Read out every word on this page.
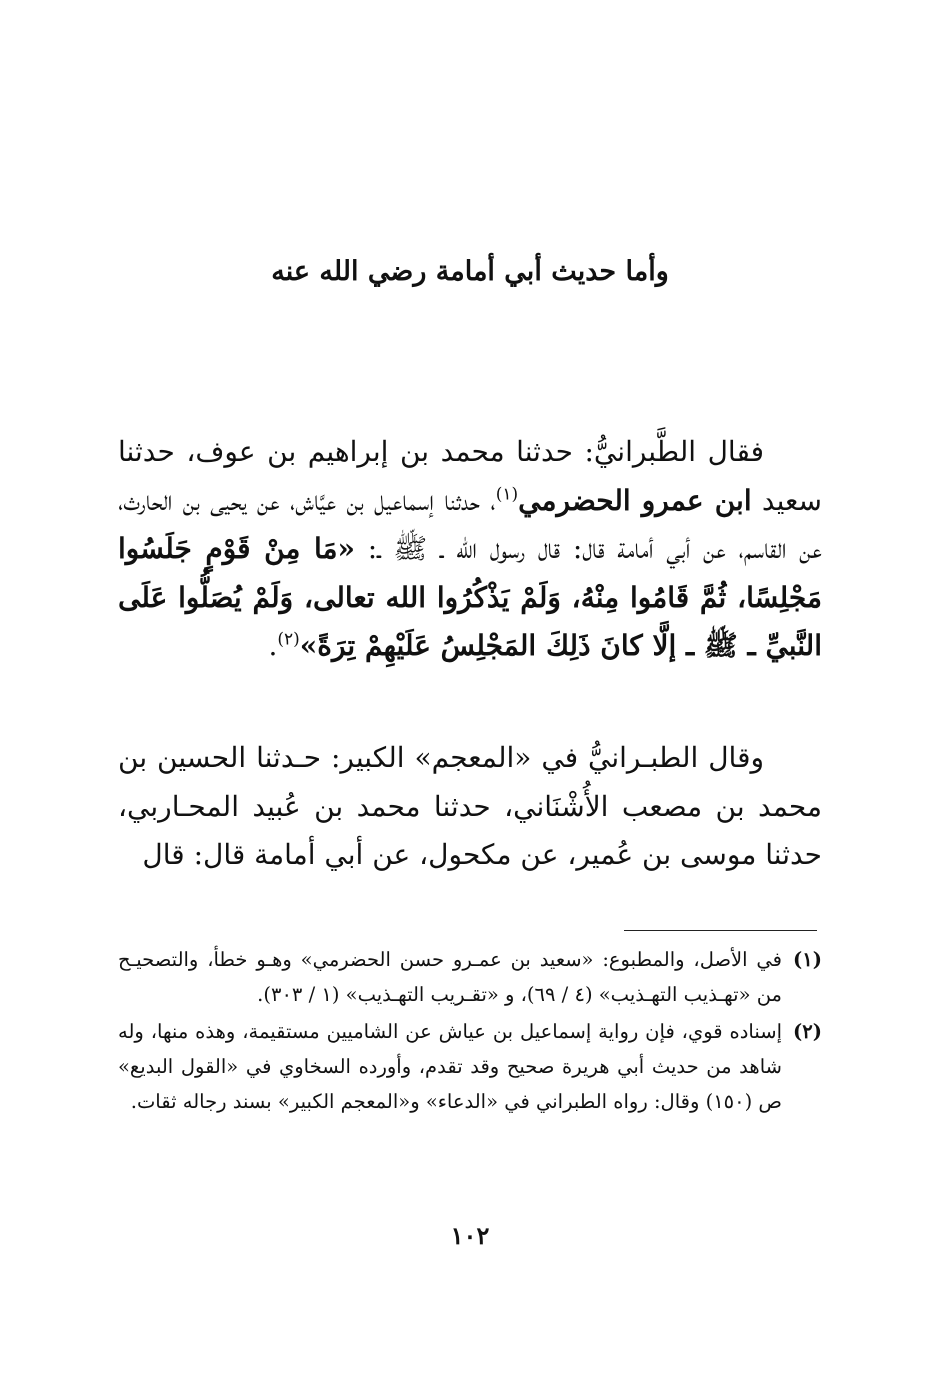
وأما حديث أبي أمامة رضي الله عنه
فقال الطَّبرانيُّ: حدثنا محمد بن إبراهيم بن عوف، حدثنا سعيد ابن عمرو الحضرمي$^{(١)}$، حدثنا إسماعيل بن عيَّاش، عن يحيى بن الحارث، عن القاسم، عن أبي أمامة قال: قال رسول الله ـ ﷺ ـ: «مَا مِنْ قَوْمٍ جَلَسُوا مَجْلِسًا، ثُمَّ قَامُوا مِنْهُ، وَلَمْ يَذْكُرُوا الله تعالى، وَلَمْ يُصَلُّوا عَلَى النَّبيِّ ـ ﷺ ـ إلَّا كانَ ذَلِكَ المَجْلِسُ عَلَيْهِمْ تِرَةً»$^{(٢)}$.
وقال الطبـرانيُّ في «المعجم» الكبير: حـدثنا الحسين بن محمد بن مصعب الأُشْنَاني، حدثنا محمد بن عُبيد المحـاربي، حدثنا موسى بن عُمير، عن مكحول، عن أبي أمامة قال: قال
(١)في الأصل، والمطبوع: «سعيد بن عمـرو حسن الحضرمي» وهـو خطأ، والتصحيـح من «تهـذيب التهـذيب» (٤ / ٦٩)، و «تقـريب التهـذيب» (١ / ٣٠٣).
(٢)إسناده قوي، فإن رواية إسماعيل بن عياش عن الشاميين مستقيمة، وهذه منها، وله شاهد من حديث أبي هريرة صحيح وقد تقدم، وأورده السخاوي في «القول البديع» ص (١٥٠) وقال: رواه الطبراني في «الدعاء» و«المعجم الكبير» بسند رجاله ثقات.
١٠٢
